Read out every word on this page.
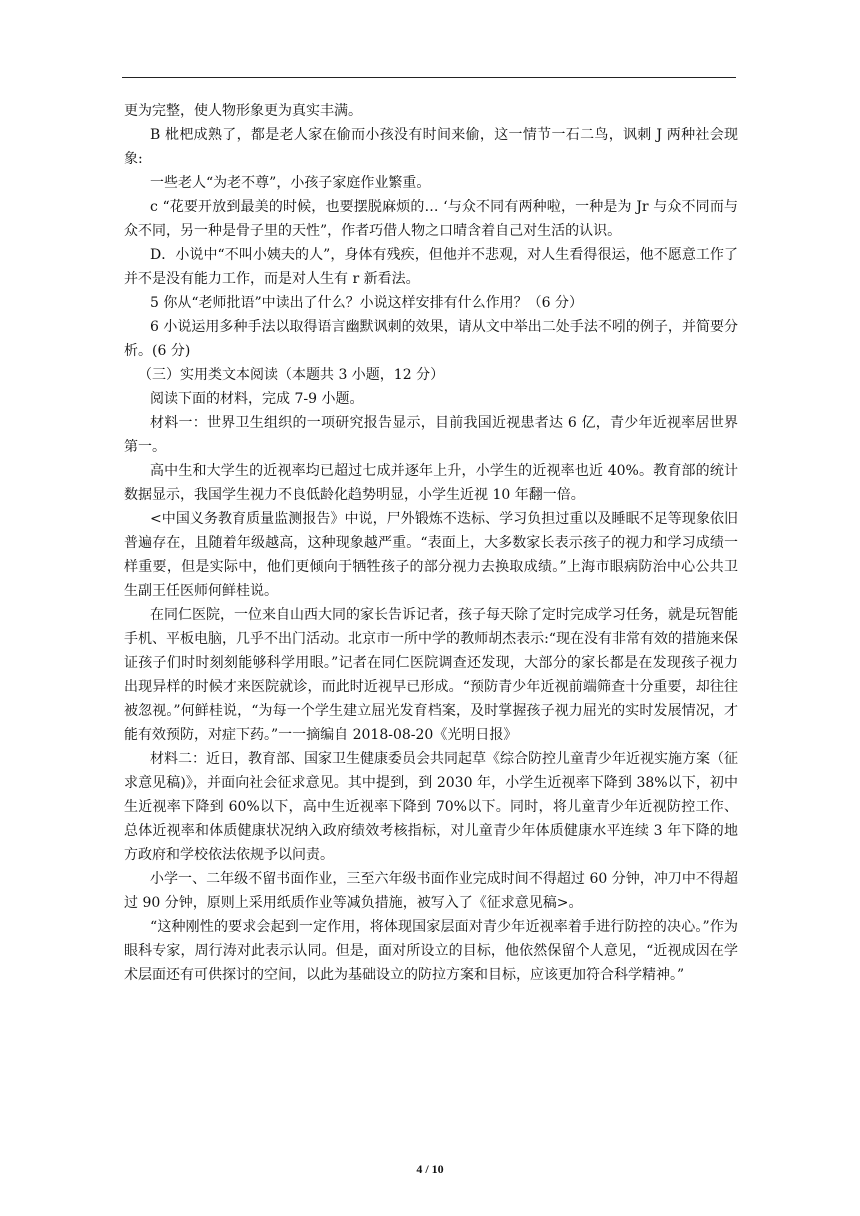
更为完整，使人物形象更为真实丰满。

B 枇杷成熟了，都是老人家在偷而小孩没有时间来偷，这一情节一石二鸟，讽刺 J 两种社会现象:

一些老人“为老不尊”，小孩子家庭作业繁重。

c “花要开放到最美的时候，也要摆脱麻烦的… ‘与众不同有两种啦，一种是为 Jr 与众不同而与众不同，另一种是骨子里的天性”，作者巧借人物之口晴含着自己对生活的认识。

D．小说中“不叫小姨夫的人”，身体有残疾，但他并不悲观，对人生看得很运，他不愿意工作了并不是没有能力工作，而是对人生有 r 新看法。

5 你从“老师批语”中读出了什么？小说这样安排有什么作用？（6 分）

6 小说运用多种手法以取得语言幽默讽刺的效果，请从文中举出二处手法不吲的例子，并简要分析。(6 分)

（三）实用类文本阅读（本题共 3 小题，12 分）

阅读下面的材料，完成 7-9 小题。

材料一：世界卫生组织的一项研究报告显示，目前我国近视患者达 6 亿，青少年近视率居世界第一。

高中生和大学生的近视率均已超过七成并逐年上升，小学生的近视率也近 40%。教育部的统计数据显示，我国学生视力不良低龄化趋势明显，小学生近视 10 年翻一倍。

<中国义务教育质量监测报告》中说，尸外锻炼不迭标、学习负担过重以及睡眠不足等现象依旧普遍存在，且随着年级越高，这种现象越严重。“表面上，大多数家长表示孩子的视力和学习成绩一样重要，但是实际中，他们更倾向于牺牲孩子的部分视力去换取成绩。”上海市眼病防治中心公共卫生副王任医师何鲜桂说。

在同仁医院，一位来自山西大同的家长告诉记者，孩子每天除了定时完成学习任务，就是玩智能手机、平板电脑，几乎不出门活动。北京市一所中学的教师胡杰表示:“现在没有非常有效的措施来保证孩子们时时刻刻能够科学用眼。”记者在同仁医院调查还发现，大部分的家长都是在发现孩子视力出现异样的时候才来医院就诊，而此时近视早已形成。“预防青少年近视前端筛查十分重要，却往往被忽视。”何鲜桂说，“为每一个学生建立屈光发育档案，及时掌握孩子视力屈光的实时发展情况，才能有效预防，对症下药。”一一摘编自 2018-08-20《光明日报》

材料二：近日，教育部、国家卫生健康委员会共同起草《综合防控儿童青少年近视实施方案（征求意见稿)》，并面向社会征求意见。其中提到，到 2030 年，小学生近视率下降到 38%以下，初中生近视率下降到 60%以下，高中生近视率下降到 70%以下。同时，将儿童青少年近视防控工作、总体近视率和体质健康状况纳入政府绩效考核指标，对儿童青少年体质健康水平连续 3 年下降的地方政府和学校依法依规予以问责。

小学一、二年级不留书面作业，三至六年级书面作业完成时间不得超过 60 分钟，冲刀中不得超过 90 分钟，原则上采用纸质作业等减负措施，被写入了《征求意见稿>。

“这种刚性的要求会起到一定作用，将体现国家层面对青少年近视率着手进行防控的决心。”作为眼科专家，周行涛对此表示认同。但是，面对所设立的目标，他依然保留个人意见，“近视成因在学术层面还有可供探讨的空间，以此为基础设立的防拉方案和目标，应该更加符合科学精神。”

4 / 10
